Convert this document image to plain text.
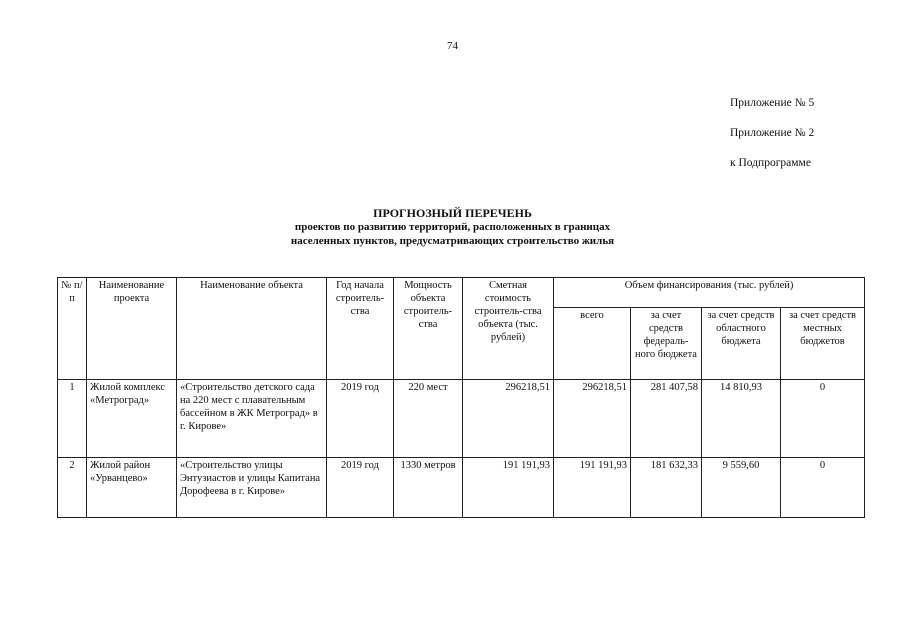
74
Приложение № 5
Приложение № 2
к Подпрограмме
ПРОГНОЗНЫЙ ПЕРЕЧЕНЬ
проектов по развитию территорий, расположенных в границах
населенных пунктов, предусматривающих строительство жилья
№ п/п	Наименование проекта	Наименование объекта	Год начала строитель-ства	Мощность объекта строитель-ства	Сметная стоимость строитель-ства объекта (тыс. рублей)	Объем финансирования (тыс. рублей)			
						всего	за счет средств федераль-ного бюджета	за счет средств областного бюджета	за счет средств местных бюджетов
1	Жилой комплекс «Метроград»	«Строительство детского сада на 220 мест с плавательным бассейном в ЖК Метроград» в г. Кирове»	2019 год	220 мест	296218,51	296218,51	281 407,58	14 810,93	0
2	Жилой район «Урванцево»	«Строительство улицы Энтузиастов и улицы Капитана Дорофеева в г. Кирове»	2019 год	1330 метров	191 191,93	191 191,93	181 632,33	9 559,60	0
